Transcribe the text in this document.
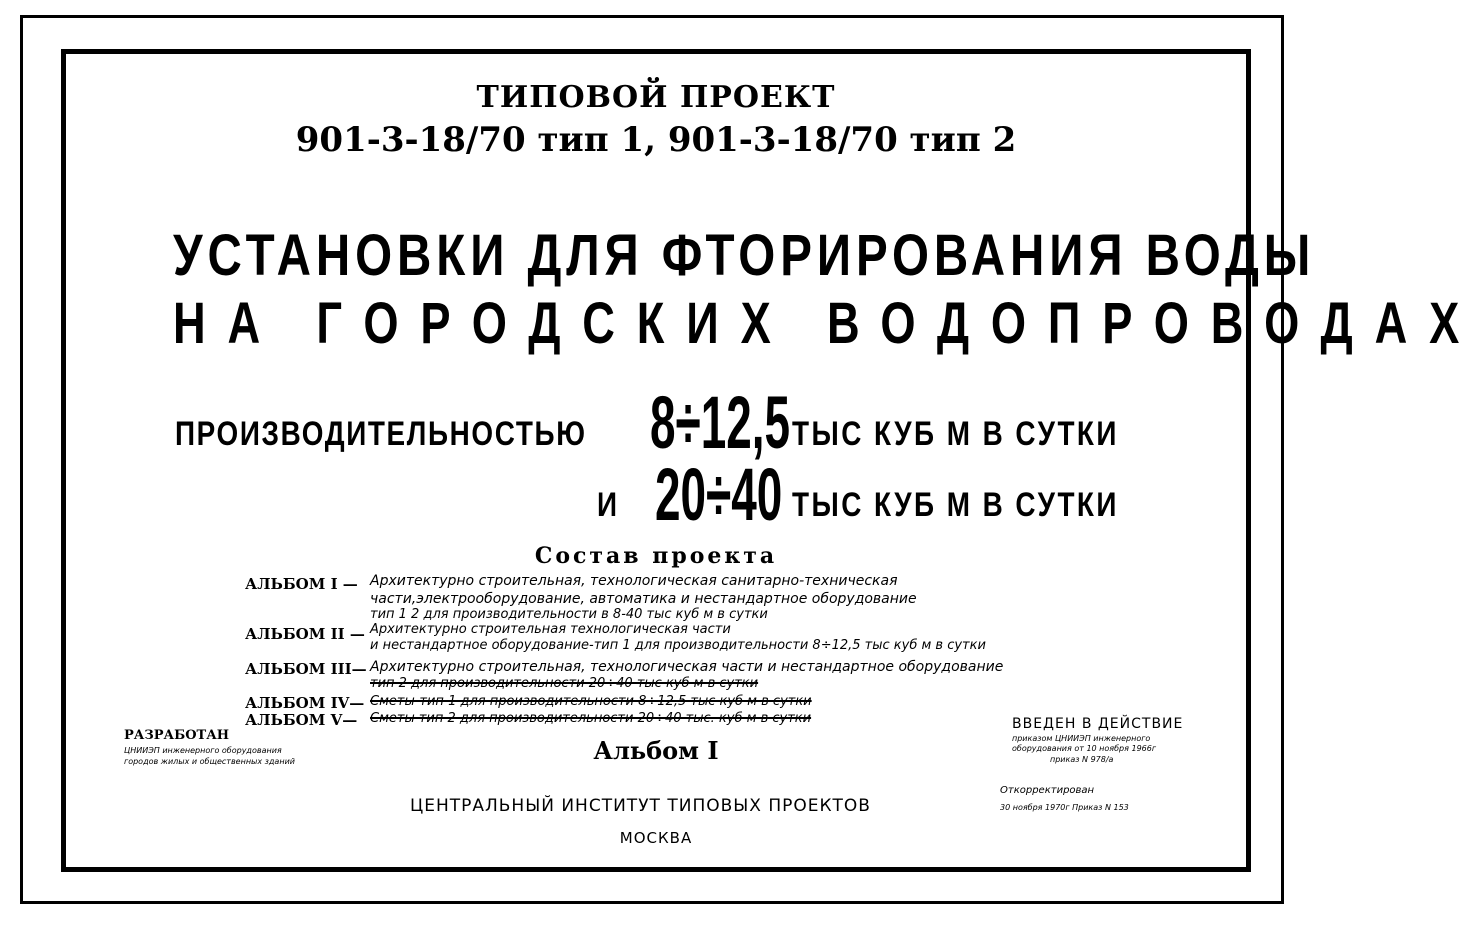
ТИПОВОЙ ПРОЕКТ
901-3-18/70 тип 1, 901-3-18/70 тип 2
УСТАНОВКИ ДЛЯ ФТОРИРОВАНИЯ ВОДЫ
НА ГОРОДСКИХ ВОДОПРОВОДАХ
ПРОИЗВОДИТЕЛЬНОСТЬЮ 8÷12,5 ТЫС КУБ М В СУТКИ
И 20÷40 ТЫС КУБ М В СУТКИ
Состав проекта
АЛЬБОМ I — Архитектурно строительная, технологическая санитарно-техническая
части,электрооборудование, автоматика и нестандартное оборудование
тип 1 2 для производительности в 8-40 тыс куб м в сутки
АЛЬБОМ II — Архитектурно строительная технологическая части
и нестандартное оборудование-тип 1 для производительности 8÷12,5 тыс куб м в сутки
АЛЬБОМ III— Архитектурно строительная, технологическая части и нестандартное оборудование
тип 2 для производительности 20÷40 тыс куб м в сутки
АЛЬБОМ IV— Сметы-тип 1 для производительности 8÷12,5 тыс куб м в сутки
АЛЬБОМ V— Сметы тип 2 для производительности 20÷40 тыс. куб м в сутки
РАЗРАБОТАН
ЦНИИЭП инженерного оборудования
городов жилых и общественных зданий	Альбом I
ВВЕДЕН В ДЕЙСТВИЕ
приказом ЦНИИЭП инженерного
оборудования от 10 ноября 1966г
приказ N 978/а
Откорректирован
30 ноября 1970г Приказ N 153
ЦЕНТРАЛЬНЫЙ ИНСТИТУТ ТИПОВЫХ ПРОЕКТОВ
МОСКВА
